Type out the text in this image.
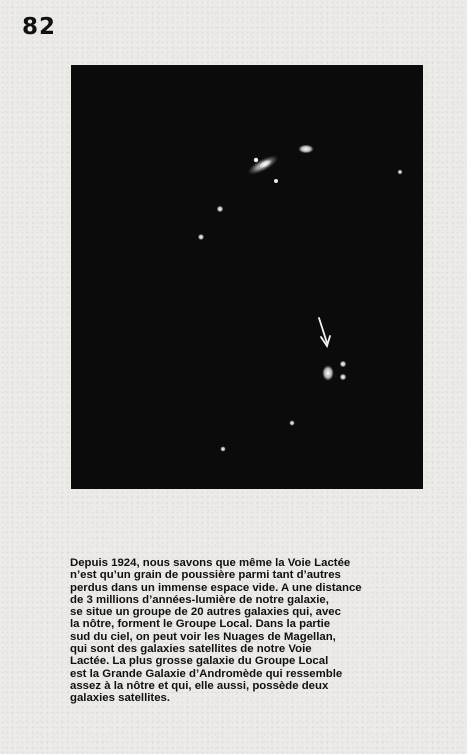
82

Depuis 1924, nous savons que même la Voie Lactée
n’est qu’un grain de poussière parmi tant d’autres
perdus dans un immense espace vide. A une distance
de 3 millions d’années-lumière de notre galaxie,
se situe un groupe de 20 autres galaxies qui, avec
la nôtre, forment le Groupe Local. Dans la partie
sud du ciel, on peut voir les Nuages de Magellan,
qui sont des galaxies satellites de notre Voie
Lactée. La plus grosse galaxie du Groupe Local
est la Grande Galaxie d’Andromède qui ressemble
assez à la nôtre et qui, elle aussi, possède deux
galaxies satellites.
